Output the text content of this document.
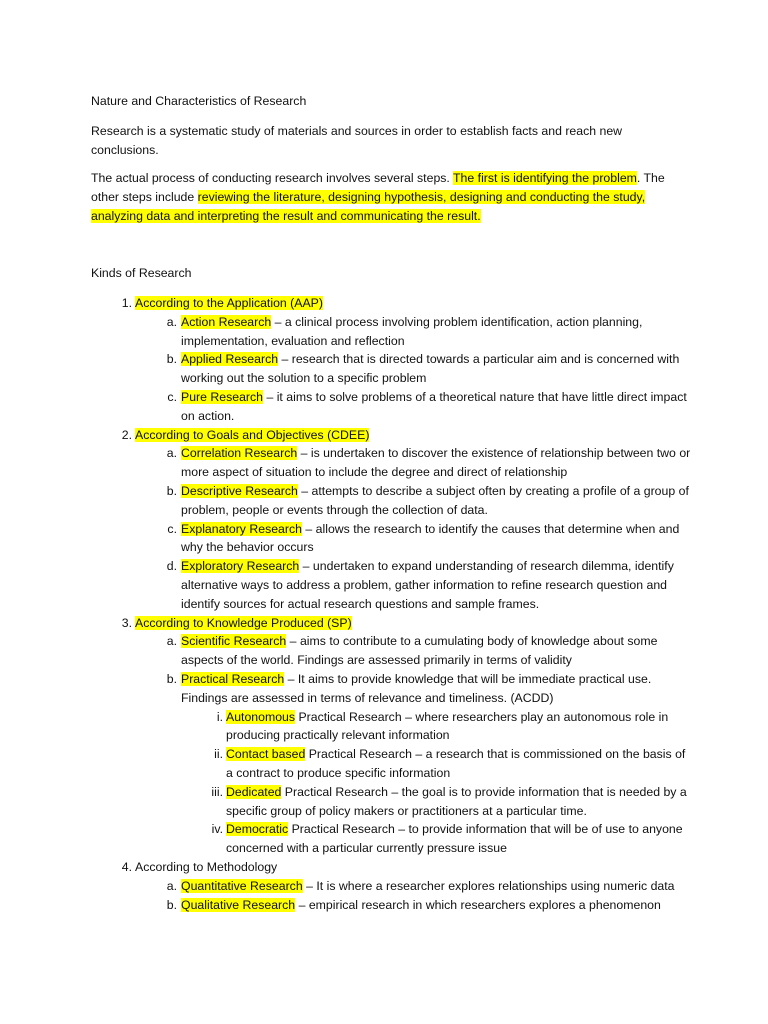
Nature and Characteristics of Research

Research is a systematic study of materials and sources in order to establish facts and reach new conclusions.

The actual process of conducting research involves several steps. The first is identifying the problem. The other steps include reviewing the literature, designing hypothesis, designing and conducting the study, analyzing data and interpreting the result and communicating the result.

Kinds of Research

1. According to the Application (AAP)
a. Action Research – a clinical process involving problem identification, action planning, implementation, evaluation and reflection
b. Applied Research – research that is directed towards a particular aim and is concerned with working out the solution to a specific problem
c. Pure Research – it aims to solve problems of a theoretical nature that have little direct impact on action.
2. According to Goals and Objectives (CDEE)
a. Correlation Research – is undertaken to discover the existence of relationship between two or more aspect of situation to include the degree and direct of relationship
b. Descriptive Research – attempts to describe a subject often by creating a profile of a group of problem, people or events through the collection of data.
c. Explanatory Research – allows the research to identify the causes that determine when and why the behavior occurs
d. Exploratory Research – undertaken to expand understanding of research dilemma, identify alternative ways to address a problem, gather information to refine research question and identify sources for actual research questions and sample frames.
3. According to Knowledge Produced (SP)
a. Scientific Research – aims to contribute to a cumulating body of knowledge about some aspects of the world. Findings are assessed primarily in terms of validity
b. Practical Research – It aims to provide knowledge that will be immediate practical use. Findings are assessed in terms of relevance and timeliness. (ACDD)
i. Autonomous Practical Research – where researchers play an autonomous role in producing practically relevant information
ii. Contact based Practical Research – a research that is commissioned on the basis of a contract to produce specific information
iii. Dedicated Practical Research – the goal is to provide information that is needed by a specific group of policy makers or practitioners at a particular time.
iv. Democratic Practical Research – to provide information that will be of use to anyone concerned with a particular currently pressure issue
4. According to Methodology
a. Quantitative Research – It is where a researcher explores relationships using numeric data
b. Qualitative Research – empirical research in which researchers explores a phenomenon
